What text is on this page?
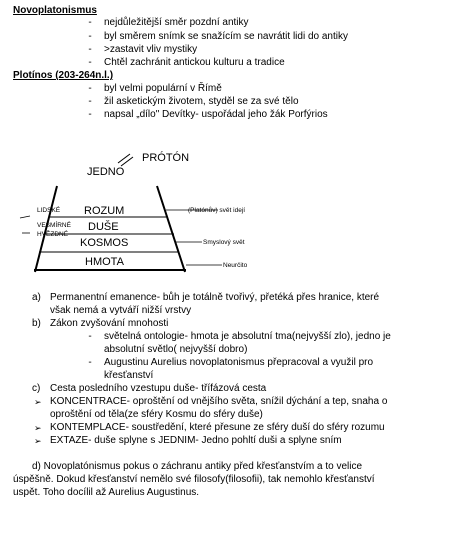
Novoplatonismus
- nejdůležitější směr pozdní antiky
- byl směrem snímk se snažícím se navrátit lidi do antiky
- >zastavit vliv mystiky
- Chtěl zachránit antickou kulturu a tradice
Plotínos (203-264n.l.)
- byl velmi populární v Římě
- žil asketickým životem, styděl se za své tělo
- napsal „dílo" Devítky- uspořádal jeho žák Porfýrios
JEDNO
PRÓTÓN
LIDSKÉ
VESMÍRNÉ
HVĚZDNÉ
ROZUM
DUŠE
KOSMOS
HMOTA
(Platónův) svět idejí
Smyslový svět
Neurčito
a) Permanentní emanence- bůh je totálně tvořivý, přetéká přes hranice, které
však nemá a vytváří nižší vrstvy
b) Zákon zvyšování mnohosti
- světelná ontologie- hmota je absolutní tma(nejvyšší zlo), jedno je
absolutní světlo( nejvyšší dobro)
- Augustinu Aurelius novoplatonismus přepracoval a využil pro
křesťanství
c) Cesta posledního vzestupu duše- třífázová cesta
➢ KONCENTRACE- oproštění od vnějšího světa, snížil dýchání a tep, snaha o
oproštění od těla(ze sféry Kosmu do sféry duše)
➢ KONTEMPLACE- soustředění, které přesune ze sféry duší do sféry rozumu
➢ EXTAZE- duše splyne s JEDNIM- Jedno pohltí duši a splyne sním
d) Novoplatónismus pokus o záchranu antiky před křesťanstvím a to velice
úspěšně. Dokud křesťanství nemělo své filosofy(filosofii), tak nemohlo křesťanství
uspět. Toho docílil až Aurelius Augustinus.
